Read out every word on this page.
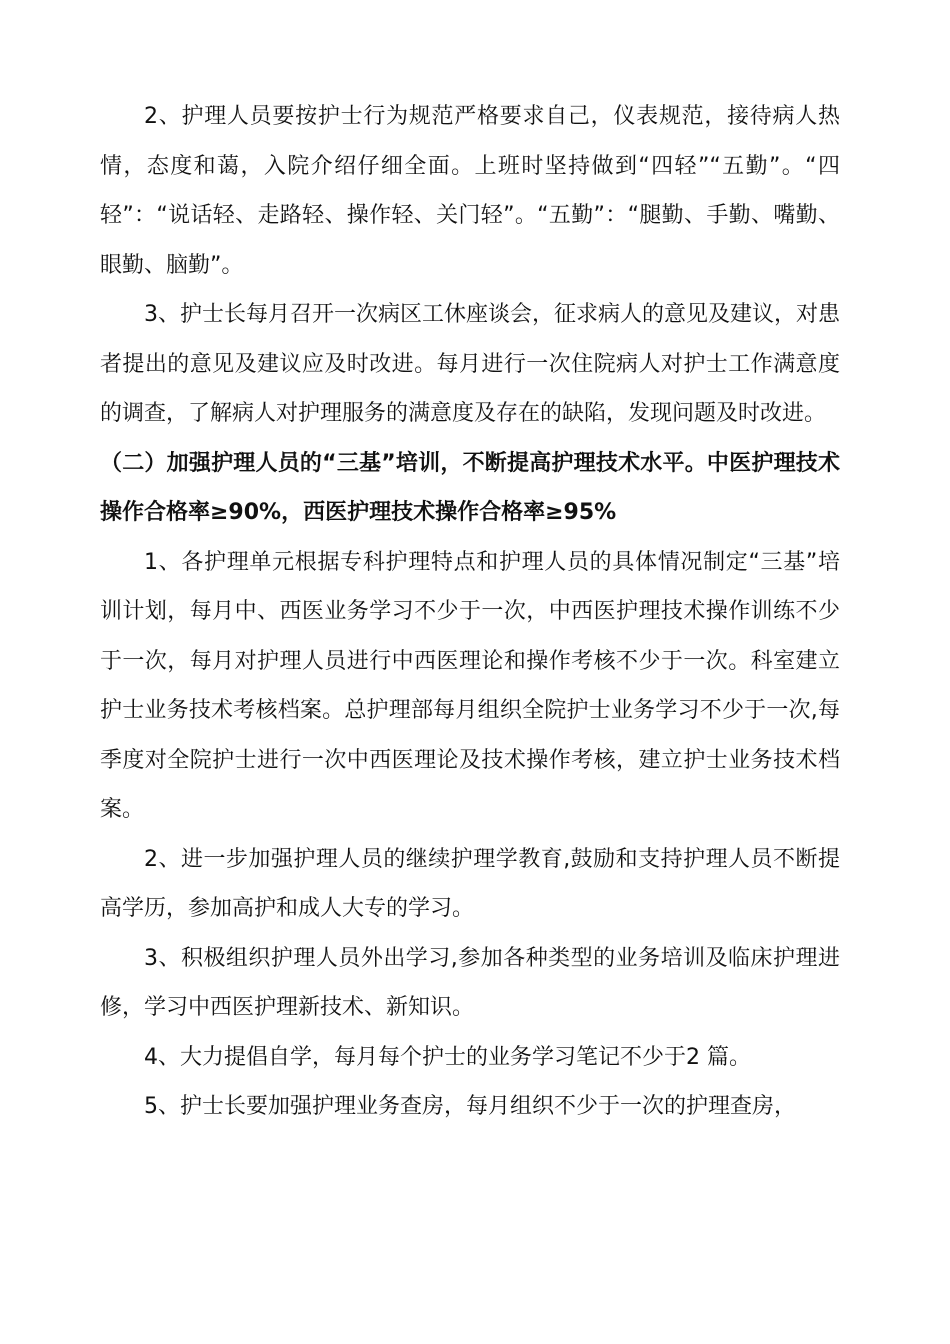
2、护理人员要按护士行为规范严格要求自己，仪表规范，接待病人热情，态度和蔼，入院介绍仔细全面。上班时坚持做到“四轻”“五勤”。“四轻”：“说话轻、走路轻、操作轻、关门轻”。“五勤”：“腿勤、手勤、嘴勤、眼勤、脑勤”。

3、护士长每月召开一次病区工休座谈会，征求病人的意见及建议，对患者提出的意见及建议应及时改进。每月进行一次住院病人对护士工作满意度的调查，了解病人对护理服务的满意度及存在的缺陷，发现问题及时改进。

（二）加强护理人员的“三基”培训，不断提高护理技术水平。中医护理技术操作合格率≥90%，西医护理技术操作合格率≥95%

1、各护理单元根据专科护理特点和护理人员的具体情况制定“三基”培训计划，每月中、西医业务学习不少于一次，中西医护理技术操作训练不少于一次，每月对护理人员进行中西医理论和操作考核不少于一次。科室建立护士业务技术考核档案。总护理部每月组织全院护士业务学习不少于一次,每季度对全院护士进行一次中西医理论及技术操作考核，建立护士业务技术档案。

2、进一步加强护理人员的继续护理学教育,鼓励和支持护理人员不断提高学历，参加高护和成人大专的学习。

3、积极组织护理人员外出学习,参加各种类型的业务培训及临床护理进修，学习中西医护理新技术、新知识。

4、大力提倡自学，每月每个护士的业务学习笔记不少于2 篇。

5、护士长要加强护理业务查房，每月组织不少于一次的护理查房，
